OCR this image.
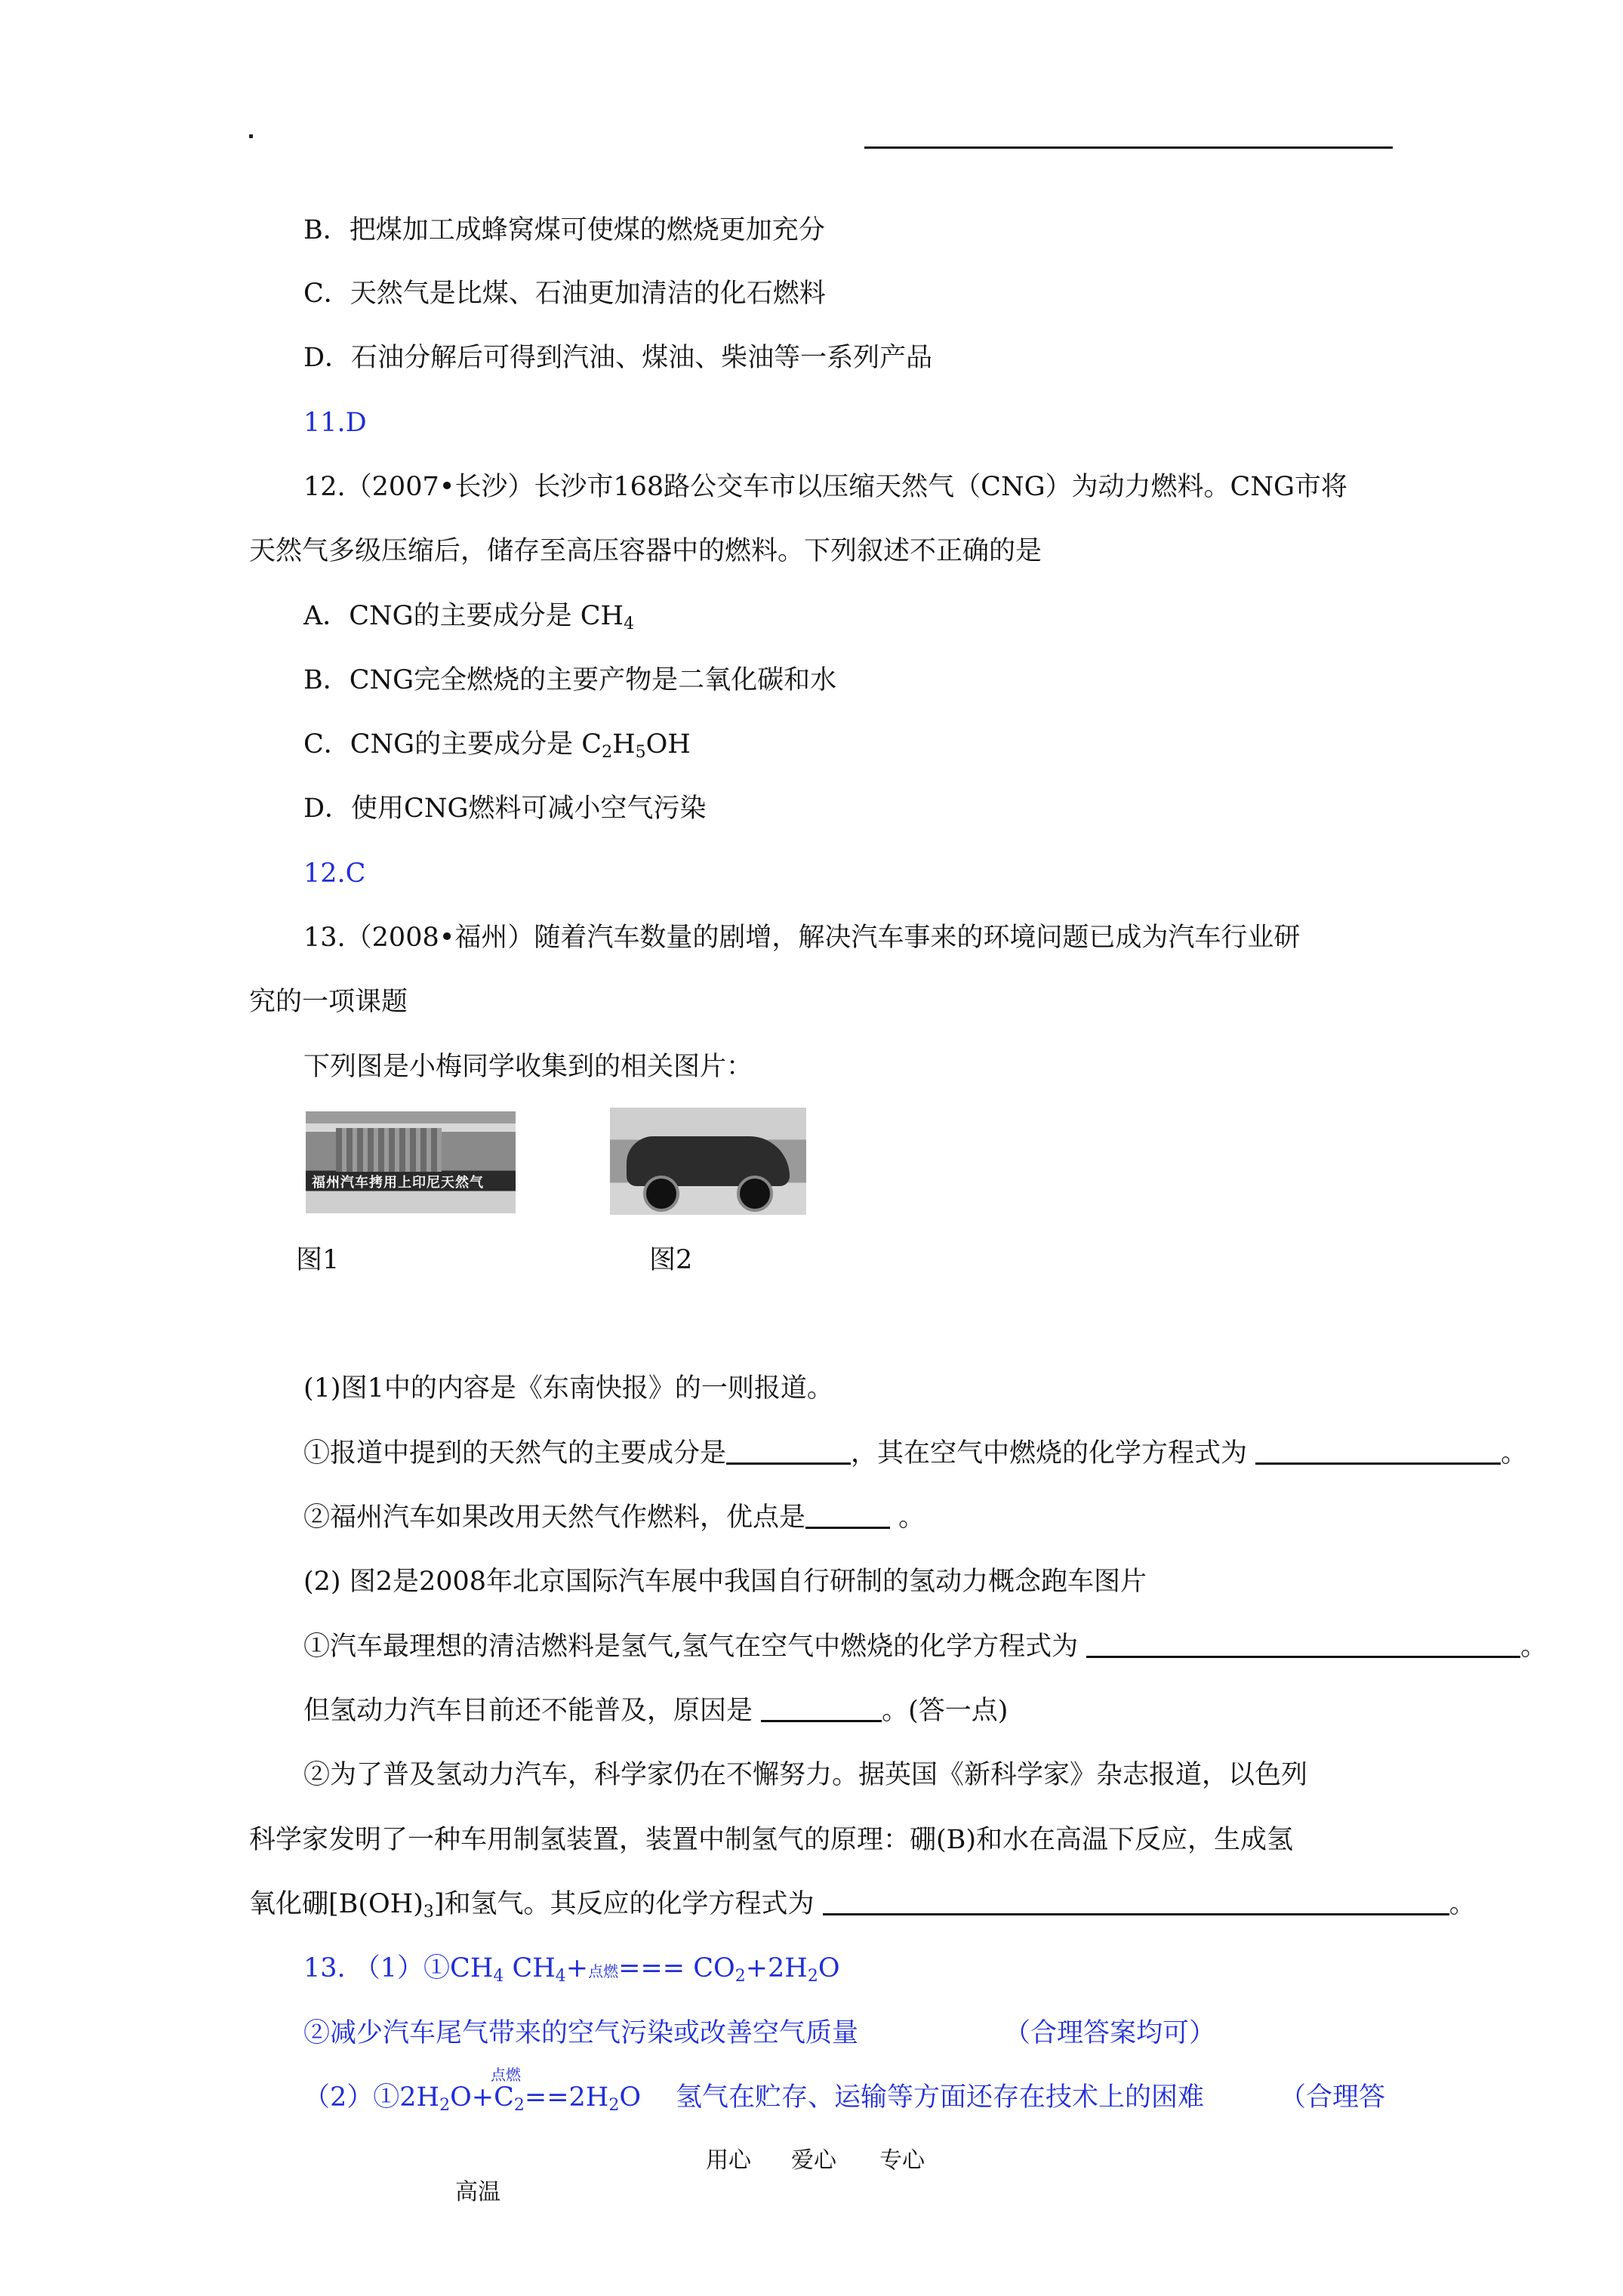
B．把煤加工成蜂窝煤可使煤的燃烧更加充分
C．天然气是比煤、石油更加清洁的化石燃料
D．石油分解后可得到汽油、煤油、柴油等一系列产品
11.D
12.（2007•长沙）长沙市168路公交车市以压缩天然气（CNG）为动力燃料。CNG市将
天然气多级压缩后，储存至高压容器中的燃料。下列叙述不正确的是
A．CNG的主要成分是 $CH_4$
B．CNG完全燃烧的主要产物是二氧化碳和水
C．CNG的主要成分是 $C_2H_5OH$
D．使用CNG燃料可减小空气污染
12.C
13.（2008•福州）随着汽车数量的剧增，解决汽车事来的环境问题已成为汽车行业研
究的一项课题
下列图是小梅同学收集到的相关图片：
福州汽车拷用上印尼天然气
图1	图2
(1)图1中的内容是《东南快报》的一则报道。
①报道中提到的天然气的主要成分是	，其在空气中燃烧的化学方程式为	。
②福州汽车如果改用天然气作燃料，优点是	。
(2) 图2是2008年北京国际汽车展中我国自行研制的氢动力概念跑车图片
①汽车最理想的清洁燃料是氢气,氢气在空气中燃烧的化学方程式为	。
但氢动力汽车目前还不能普及，原因是	。(答一点)
②为了普及氢动力汽车，科学家仍在不懈努力。据英国《新科学家》杂志报道，以色列
科学家发明了一种车用制氢装置，装置中制氢气的原理：硼(B)和水在高温下反应，生成氢
氧化硼$[B(OH)_3]$和氢气。其反应的化学方程式为	。
13. $(1)①CH_4$ $CH_4+$点燃=== $CO_2+2H_2O$
②减少汽车尾气带来的空气污染或改善空气质量	（合理答案均可）
$(2)①2H_2O+C_2==2H_2O$
点燃
氢气在贮存、运输等方面还存在技术上的困难	（合理答
用心 爱心 专心
高温
